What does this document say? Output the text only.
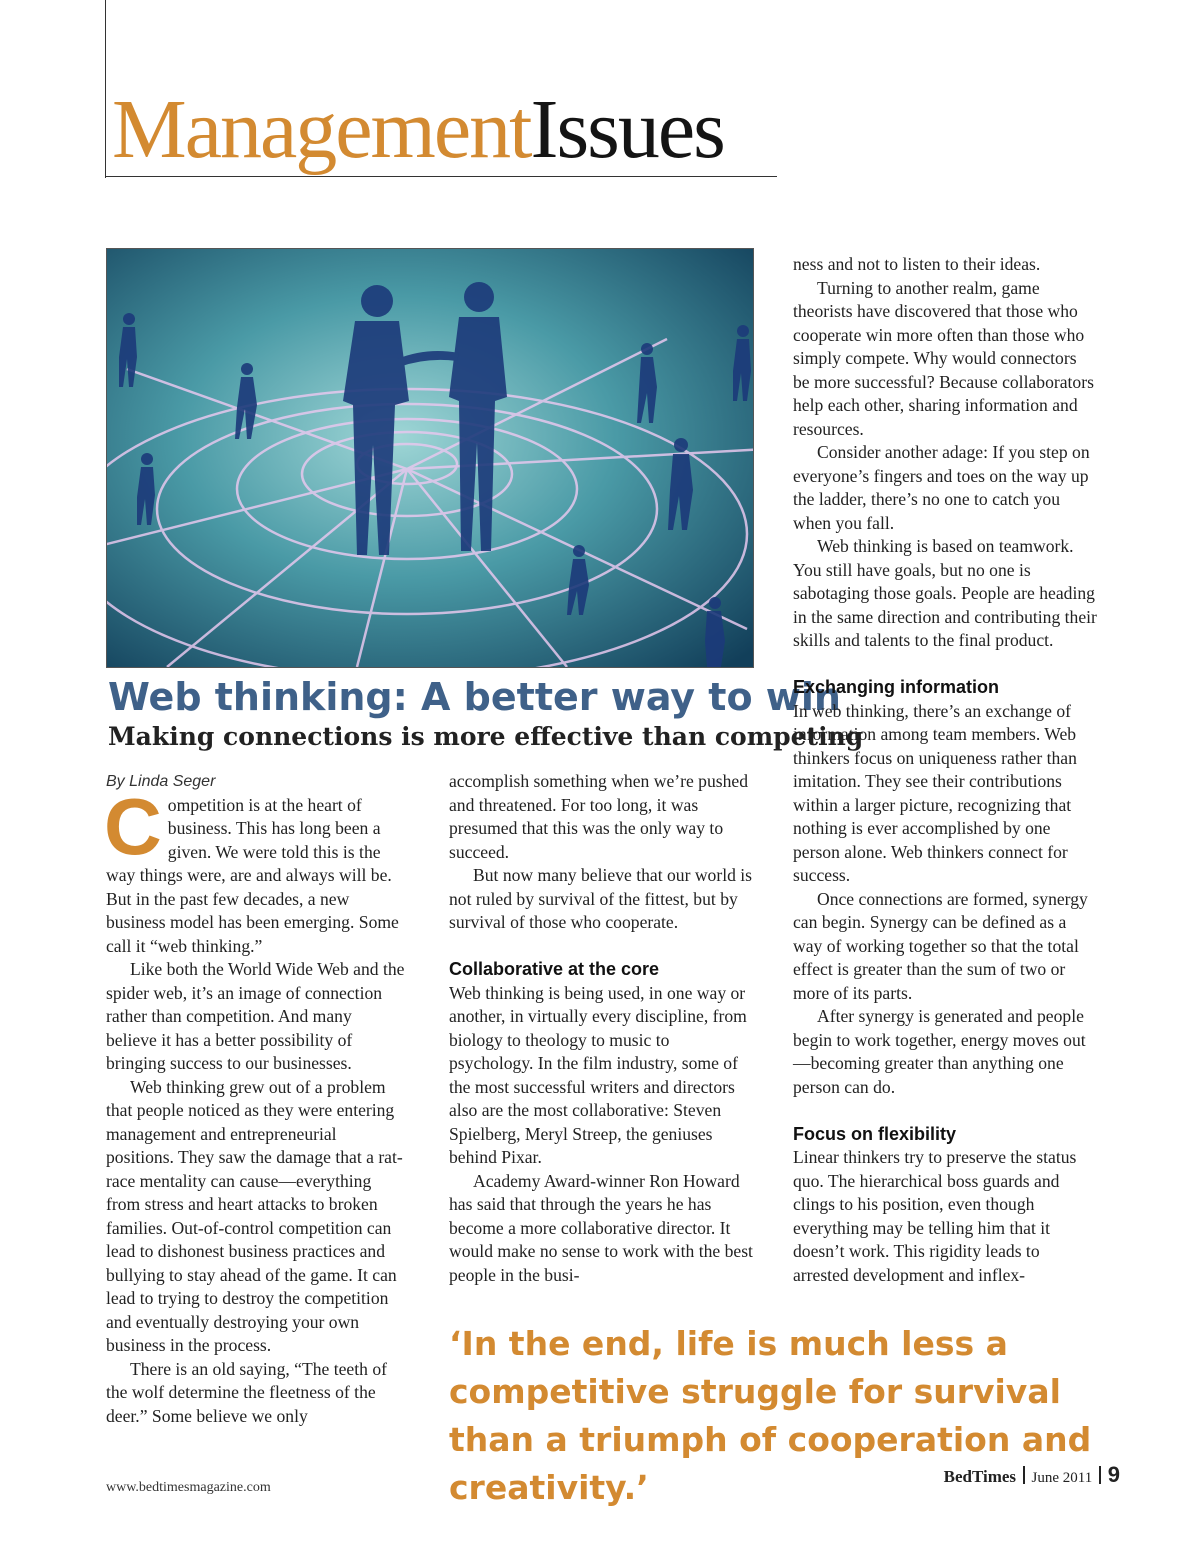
ManagementIssues
Web thinking: A better way to win
Making connections is more effective than competing
By Linda Seger

Competition is at the heart of business. This has long been a given. We were told this is the way things were, are and always will be. But in the past few decades, a new business model has been emerging. Some call it “web thinking.”

Like both the World Wide Web and the spider web, it’s an image of connection rather than competition. And many believe it has a better possibility of bringing success to our businesses.

Web thinking grew out of a problem that people noticed as they were entering management and entrepreneurial positions. They saw the damage that a rat-race mentality can cause—everything from stress and heart attacks to broken families. Out-of-control competition can lead to dishonest business practices and bullying to stay ahead of the game. It can lead to trying to destroy the competition and eventually destroying your own business in the process.

There is an old saying, “The teeth of the wolf determine the fleetness of the deer.” Some believe we only

accomplish something when we’re pushed and threatened. For too long, it was presumed that this was the only way to succeed.

But now many believe that our world is not ruled by survival of the fittest, but by survival of those who cooperate.

Collaborative at the core

Web thinking is being used, in one way or another, in virtually every discipline, from biology to theology to music to psychology. In the film industry, some of the most successful writers and directors also are the most collaborative: Steven Spielberg, Meryl Streep, the geniuses behind Pixar.

Academy Award-winner Ron Howard has said that through the years he has become a more collaborative director. It would make no sense to work with the best people in the busi-

ness and not to listen to their ideas.

Turning to another realm, game theorists have discovered that those who cooperate win more often than those who simply compete. Why would connectors be more successful? Because collaborators help each other, sharing information and resources.

Consider another adage: If you step on everyone’s fingers and toes on the way up the ladder, there’s no one to catch you when you fall.

Web thinking is based on teamwork. You still have goals, but no one is sabotaging those goals. People are heading in the same direction and contributing their skills and talents to the final product.

Exchanging information

In web thinking, there’s an exchange of information among team members. Web thinkers focus on uniqueness rather than imitation. They see their contributions within a larger picture, recognizing that nothing is ever accomplished by one person alone. Web thinkers connect for success.

Once connections are formed, synergy can begin. Synergy can be defined as a way of working together so that the total effect is greater than the sum of two or more of its parts.

After synergy is generated and people begin to work together, energy moves out—becoming greater than anything one person can do.

Focus on flexibility

Linear thinkers try to preserve the status quo. The hierarchical boss guards and clings to his position, even though everything may be telling him that it doesn’t work. This rigidity leads to arrested development and inflex-

‘In the end, life is much less a competitive struggle for survival than a triumph of cooperation and creativity.’
www.bedtimesmagazine.com
BedTimes June 2011 9
